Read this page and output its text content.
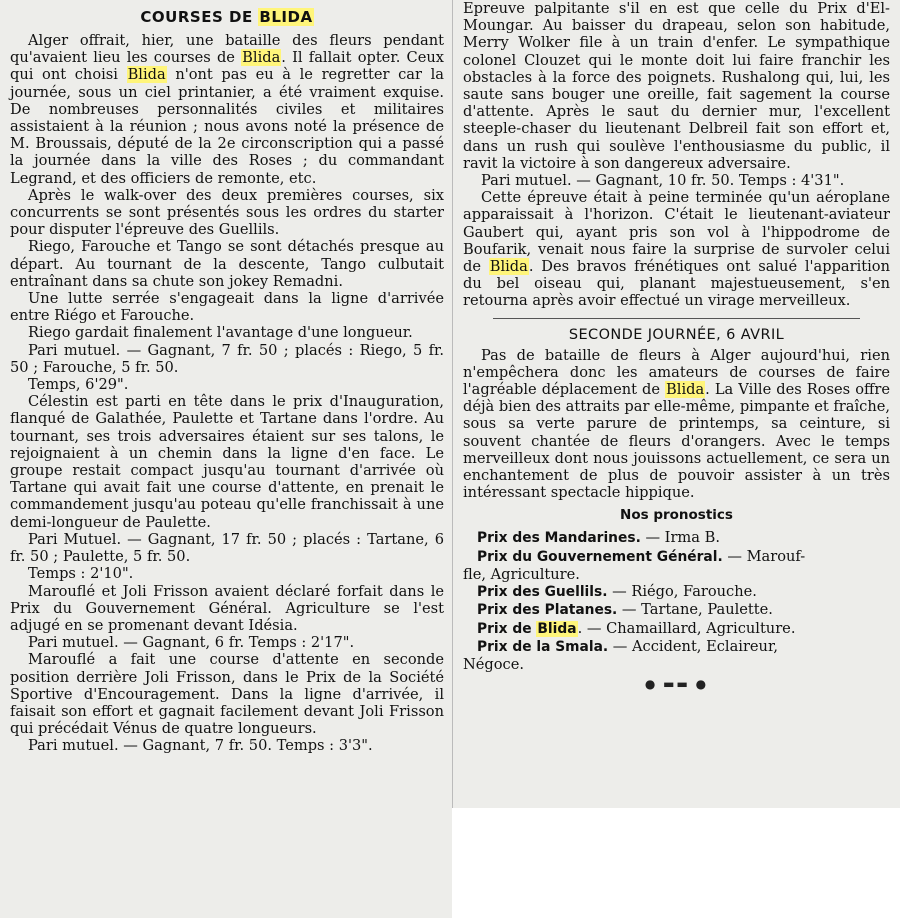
COURSES DE BLIDA

Alger offrait, hier, une bataille des fleurs pendant qu'avaient lieu les courses de Blida. Il fallait opter. Ceux qui ont choisi Blida n'ont pas eu à le regretter car la journée, sous un ciel printanier, a été vraiment exquise. De nombreuses personnalités civiles et militaires assistaient à la réunion ; nous avons noté la présence de M. Broussais, député de la 2e circonscription qui a passé la journée dans la ville des Roses ; du commandant Legrand, et des officiers de remonte, etc.

Après le walk-over des deux premières courses, six concurrents se sont présentés sous les ordres du starter pour disputer l'épreuve des Guellils.

Riego, Farouche et Tango se sont détachés presque au départ. Au tournant de la descente, Tango culbutait entraînant dans sa chute son jokey Remadni.

Une lutte serrée s'engageait dans la ligne d'arrivée entre Riégo et Farouche.

Riego gardait finalement l'avantage d'une longueur.

Pari mutuel. — Gagnant, 7 fr. 50 ; placés : Riego, 5 fr. 50 ; Farouche, 5 fr. 50.

Temps, 6'29".

Célestin est parti en tête dans le prix d'Inauguration, flanqué de Galathée, Paulette et Tartane dans l'ordre. Au tournant, ses trois adversaires étaient sur ses talons, le rejoignaient à un chemin dans la ligne d'en face. Le groupe restait compact jusqu'au tournant d'arrivée où Tartane qui avait fait une course d'attente, en prenait le commandement jusqu'au poteau qu'elle franchissait à une demi-longueur de Paulette.

Pari Mutuel. — Gagnant, 17 fr. 50 ; placés : Tartane, 6 fr. 50 ; Paulette, 5 fr. 50.

Temps : 2'10".

Marouflé et Joli Frisson avaient déclaré forfait dans le Prix du Gouvernement Général. Agriculture se l'est adjugé en se promenant devant Idésia.

Pari mutuel. — Gagnant, 6 fr. Temps : 2'17".

Marouflé a fait une course d'attente en seconde position derrière Joli Frisson, dans le Prix de la Société Sportive d'Encouragement. Dans la ligne d'arrivée, il faisait son effort et gagnait facilement devant Joli Frisson qui précédait Vénus de quatre longueurs.

Pari mutuel. — Gagnant, 7 fr. 50. Temps : 3'3".

Epreuve palpitante s'il en est que celle du Prix d'El-Moungar. Au baisser du drapeau, selon son habitude, Merry Wolker file à un train d'enfer. Le sympathique colonel Clouzet qui le monte doit lui faire franchir les obstacles à la force des poignets. Rushalong qui, lui, les saute sans bouger une oreille, fait sagement la course d'attente. Après le saut du dernier mur, l'excellent steeple-chaser du lieutenant Delbreil fait son effort et, dans un rush qui soulève l'enthousiasme du public, il ravit la victoire à son dangereux adversaire.

Pari mutuel. — Gagnant, 10 fr. 50. Temps : 4'31".

Cette épreuve était à peine terminée qu'un aéroplane apparaissait à l'horizon. C'était le lieutenant-aviateur Gaubert qui, ayant pris son vol à l'hippodrome de Boufarik, venait nous faire la surprise de survoler celui de Blida. Des bravos frénétiques ont salué l'apparition du bel oiseau qui, planant majestueusement, s'en retourna après avoir effectué un virage merveilleux.

SECONDE JOURNÉE, 6 AVRIL

Pas de bataille de fleurs à Alger aujourd'hui, rien n'empêchera donc les amateurs de courses de faire l'agréable déplacement de Blida. La Ville des Roses offre déjà bien des attraits par elle-même, pimpante et fraîche, sous sa verte parure de printemps, sa ceinture, si souvent chantée de fleurs d'orangers. Avec le temps merveilleux dont nous jouissons actuellement, ce sera un enchantement de plus de pouvoir assister à un très intéressant spectacle hippique.

Nos pronostics
Prix des Mandarines. — Irma B.
Prix du Gouvernement Général. — Marouf-
fle, Agriculture.
Prix des Guellils. — Riégo, Farouche.
Prix des Platanes. — Tartane, Paulette.
Prix de Blida. — Chamaillard, Agriculture.
Prix de la Smala. — Accident, Eclaireur,
Négoce.
● ▬▬ ●
